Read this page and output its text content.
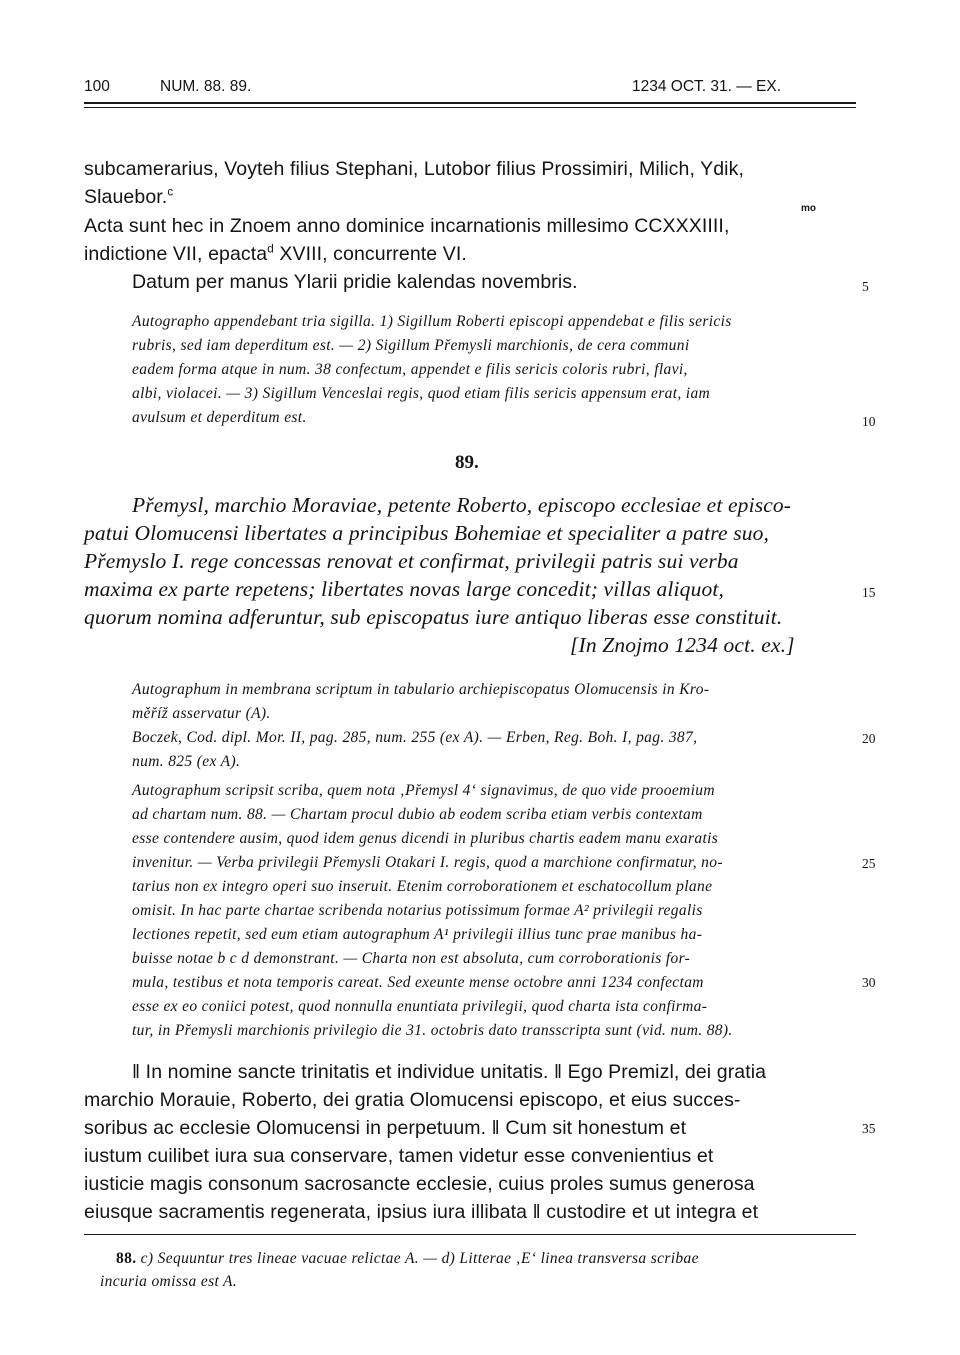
100	NUM. 88. 89.	1234 OCT. 31. — EX.
subcamerarius, Voyteh filius Stephani, Lutobor filius Prossimiri, Milich, Ydik,
Slauebor.$^c$
mo
Acta sunt hec in Znoem anno dominice incarnationis millesimo CCXXXIIII,
indictione VII, epacta$^d$ XVIII, concurrente VI.
Datum per manus Ylarii pridie kalendas novembris.
Autographo appendebant tria sigilla. 1) Sigillum Roberti episcopi appendebat e filis sericis
rubris, sed iam deperditum est. — 2) Sigillum Přemysli marchionis, de cera communi
eadem forma atque in num. 38 confectum, appendet e filis sericis coloris rubri, flavi,
albi, violacei. — 3) Sigillum Venceslai regis, quod etiam filis sericis appensum erat, iam
avulsum et deperditum est.
89.
Přemysl, marchio Moraviae, petente Roberto, episcopo ecclesiae et episco-
patui Olomucensi libertates a principibus Bohemiae et specialiter a patre suo,
Přemyslo I. rege concessas renovat et confirmat, privilegii patris sui verba
maxima ex parte repetens; libertates novas large concedit; villas aliquot,
quorum nomina adferuntur, sub episcopatus iure antiquo liberas esse constituit.
[In Znojmo 1234 oct. ex.]
Autographum in membrana scriptum in tabulario archiepiscopatus Olomucensis in Kro-
měříž asservatur (A).
Boczek, Cod. dipl. Mor. II, pag. 285, num. 255 (ex A). — Erben, Reg. Boh. I, pag. 387,
num. 825 (ex A).
Autographum scripsit scriba, quem nota ‚Přemysl 4‘ signavimus, de quo vide prooemium
ad chartam num. 88. — Chartam procul dubio ab eodem scriba etiam verbis contextam
esse contendere ausim, quod idem genus dicendi in pluribus chartis eadem manu exaratis
invenitur. — Verba privilegii Přemysli Otakari I. regis, quod a marchione confirmatur, no-
tarius non ex integro operi suo inseruit. Etenim corroborationem et eschatocollum plane
omisit. In hac parte chartae scribenda notarius potissimum formae A² privilegii regalis
lectiones repetit, sed eum etiam autographum A¹ privilegii illius tunc prae manibus ha-
buisse notae b c d demonstrant. — Charta non est absoluta, cum corroborationis for-
mula, testibus et nota temporis careat. Sed exeunte mense octobre anni 1234 confectam
esse ex eo coniici potest, quod nonnulla enuntiata privilegii, quod charta ista confirma-
tur, in Přemysli marchionis privilegio die 31. octobris dato transscripta sunt (vid. num. 88).
‖ In nomine sancte trinitatis et individue unitatis. ‖ Ego Premizl, dei gratia
marchio Morauie, Roberto, dei gratia Olomucensi episcopo, et eius succes-
soribus ac ecclesie Olomucensi in perpetuum. ‖ Cum sit honestum et
iustum cuilibet iura sua conservare, tamen videtur esse convenientius et
iusticie magis consonum sacrosancte ecclesie, cuius proles sumus generosa
eiusque sacramentis regenerata, ipsius iura illibata ‖ custodire et ut integra et
5
10
15
20
25
30
35
88. c) Sequuntur tres lineae vacuae relictae A. — d) Litterae ‚E‘ linea transversa scribae
incuria omissa est A.
